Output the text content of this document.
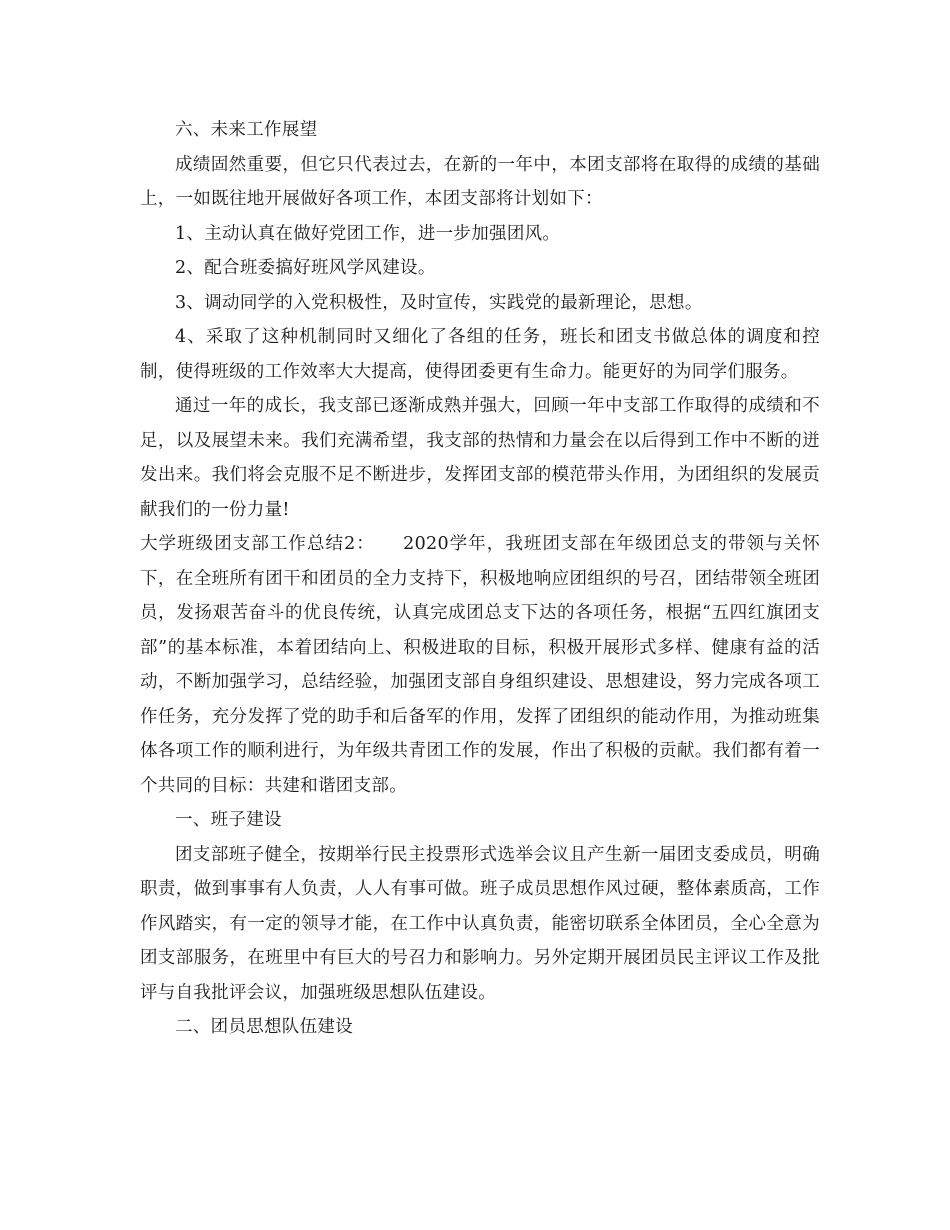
六、未来工作展望

成绩固然重要，但它只代表过去，在新的一年中，本团支部将在取得的成绩的基础上，一如既往地开展做好各项工作，本团支部将计划如下：

1、主动认真在做好党团工作，进一步加强团风。

2、配合班委搞好班风学风建设。

3、调动同学的入党积极性，及时宣传，实践党的最新理论，思想。

4、采取了这种机制同时又细化了各组的任务，班长和团支书做总体的调度和控制，使得班级的工作效率大大提高，使得团委更有生命力。能更好的为同学们服务。

通过一年的成长，我支部已逐渐成熟并强大，回顾一年中支部工作取得的成绩和不足，以及展望未来。我们充满希望，我支部的热情和力量会在以后得到工作中不断的迸发出来。我们将会克服不足不断进步，发挥团支部的模范带头作用，为团组织的发展贡献我们的一份力量!

大学班级团支部工作总结2：　　2020学年，我班团支部在年级团总支的带领与关怀下，在全班所有团干和团员的全力支持下，积极地响应团组织的号召，团结带领全班团员，发扬艰苦奋斗的优良传统，认真完成团总支下达的各项任务，根据“五四红旗团支部”的基本标准，本着团结向上、积极进取的目标，积极开展形式多样、健康有益的活动，不断加强学习，总结经验，加强团支部自身组织建设、思想建设，努力完成各项工作任务，充分发挥了党的助手和后备军的作用，发挥了团组织的能动作用，为推动班集体各项工作的顺利进行，为年级共青团工作的发展，作出了积极的贡献。我们都有着一个共同的目标：共建和谐团支部。

一、班子建设

团支部班子健全，按期举行民主投票形式选举会议且产生新一届团支委成员，明确职责，做到事事有人负责，人人有事可做。班子成员思想作风过硬，整体素质高，工作作风踏实，有一定的领导才能，在工作中认真负责，能密切联系全体团员，全心全意为团支部服务，在班里中有巨大的号召力和影响力。另外定期开展团员民主评议工作及批评与自我批评会议，加强班级思想队伍建设。

二、团员思想队伍建设
